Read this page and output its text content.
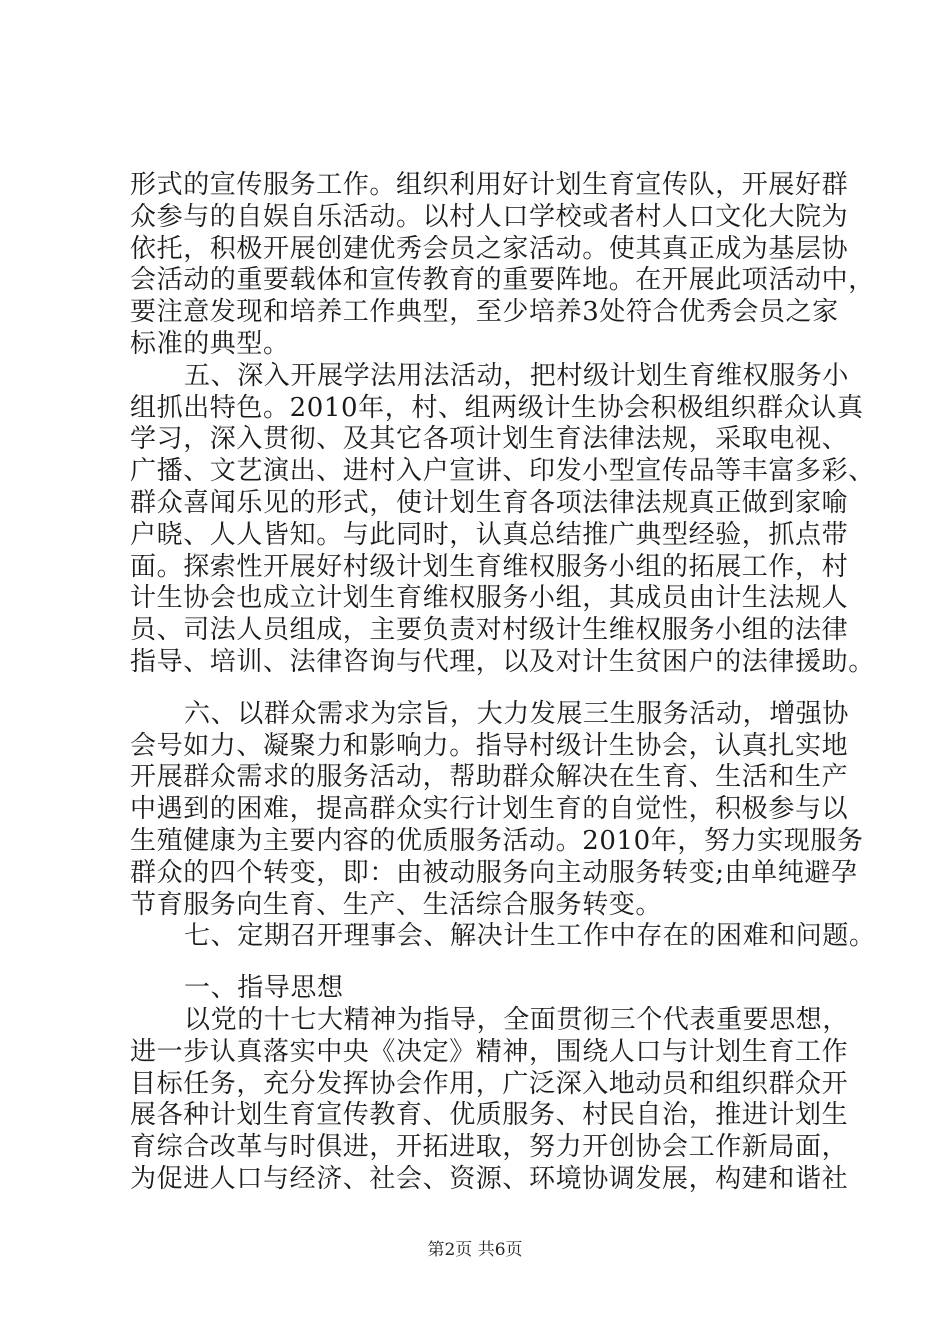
形式的宣传服务工作。组织利用好计划生育宣传队，开展好群
众参与的自娱自乐活动。以村人口学校或者村人口文化大院为
依托，积极开展创建优秀会员之家活动。使其真正成为基层协
会活动的重要载体和宣传教育的重要阵地。在开展此项活动中，
要注意发现和培养工作典型，至少培养3处符合优秀会员之家
标准的典型。
五、深入开展学法用法活动，把村级计划生育维权服务小
组抓出特色。2010年，村、组两级计生协会积极组织群众认真
学习，深入贯彻、及其它各项计划生育法律法规，采取电视、
广播、文艺演出、进村入户宣讲、印发小型宣传品等丰富多彩、
群众喜闻乐见的形式，使计划生育各项法律法规真正做到家喻
户晓、人人皆知。与此同时，认真总结推广典型经验，抓点带
面。探索性开展好村级计划生育维权服务小组的拓展工作，村
计生协会也成立计划生育维权服务小组，其成员由计生法规人
员、司法人员组成，主要负责对村级计生维权服务小组的法律
指导、培训、法律咨询与代理，以及对计生贫困户的法律援助。
六、以群众需求为宗旨，大力发展三生服务活动，增强协
会号如力、凝聚力和影响力。指导村级计生协会，认真扎实地
开展群众需求的服务活动，帮助群众解决在生育、生活和生产
中遇到的困难，提高群众实行计划生育的自觉性，积极参与以
生殖健康为主要内容的优质服务活动。2010年，努力实现服务
群众的四个转变，即：由被动服务向主动服务转变;由单纯避孕
节育服务向生育、生产、生活综合服务转变。
七、定期召开理事会、解决计生工作中存在的困难和问题。
一、指导思想
以党的十七大精神为指导，全面贯彻三个代表重要思想，
进一步认真落实中央《决定》精神，围绕人口与计划生育工作
目标任务，充分发挥协会作用，广泛深入地动员和组织群众开
展各种计划生育宣传教育、优质服务、村民自治，推进计划生
育综合改革与时俱进，开拓进取，努力开创协会工作新局面，
为促进人口与经济、社会、资源、环境协调发展，构建和谐社
第2页 共6页
